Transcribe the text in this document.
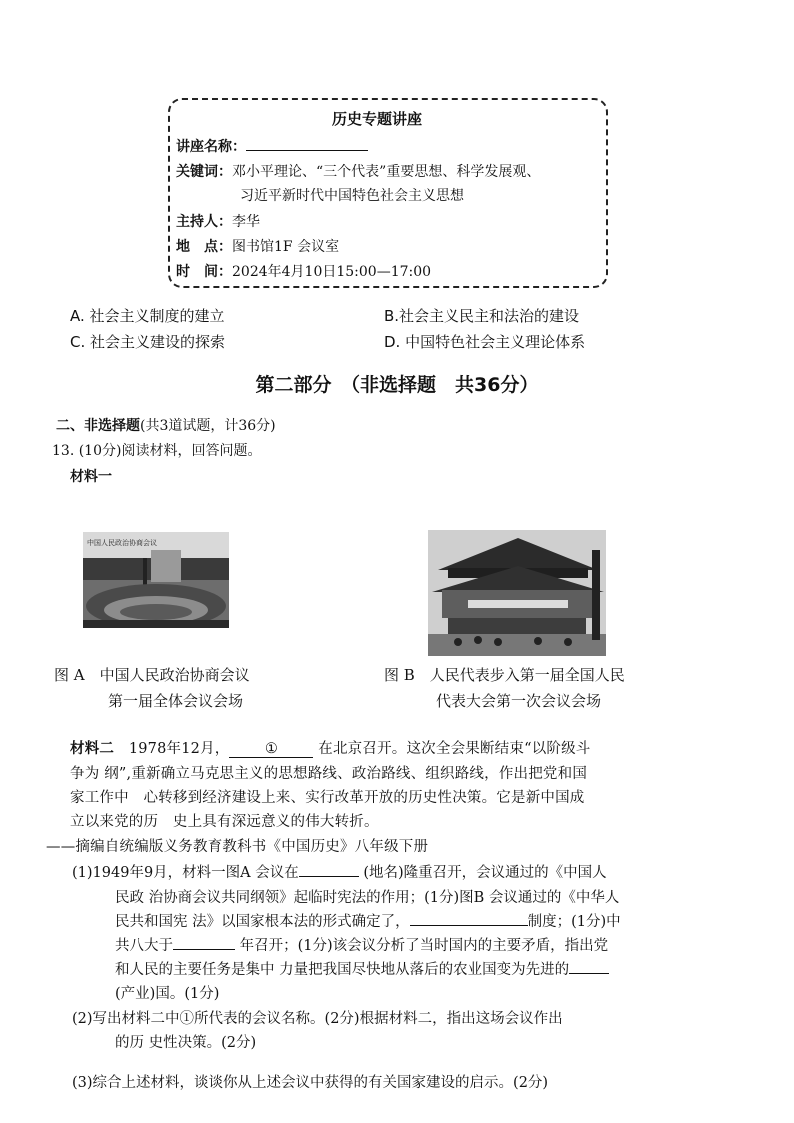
历史专题讲座
讲座名称：
关键词：邓小平理论、“三个代表”重要思想、科学发展观、
习近平新时代中国特色社会主义思想
主持人：李华
地　点：图书馆1F 会议室
时　间：2024年4月10日15:00—17:00
A. 社会主义制度的建立	B.社会主义民主和法治的建设
C. 社会主义建设的探索	D. 中国特色社会主义理论体系
第二部分　（非选择题　共36分）
二、非选择题(共3道试题，计36分)
13. (10分)阅读材料，回答问题。
材料一
中国人民政治协商会议
图 A　中国人民政治协商会议
第一届全体会议会场
图 B　人民代表步入第一届全国人民
代表大会第一次会议会场
材料二　 1978年12月， ①	在北京召开。这次全会果断结束“以阶级斗
争为 纲”,重新确立马克思主义的思想路线、政治路线、组织路线，作出把党和国
家工作中　心转移到经济建设上来、实行改革开放的历史性决策。它是新中国成
立以来党的历　史上具有深远意义的伟大转折。
——摘编自统编版义务教育教科书《中国历史》八年级下册
(1)1949年9月，材料一图A 会议在	(地名)隆重召开，会议通过的《中国人
民政 治协商会议共同纲领》起临时宪法的作用；(1分)图B 会议通过的《中华人
民共和国宪 法》以国家根本法的形式确定了，	制度；(1分)中
共八大于	年召开；(1分)该会议分析了当时国内的主要矛盾，指出党
和人民的主要任务是集中 力量把我国尽快地从落后的农业国变为先进的
(产业)国。(1分)
(2)写出材料二中①所代表的会议名称。(2分)根据材料二，指出这场会议作出
的历 史性决策。(2分)
(3)综合上述材料，谈谈你从上述会议中获得的有关国家建设的启示。(2分)
